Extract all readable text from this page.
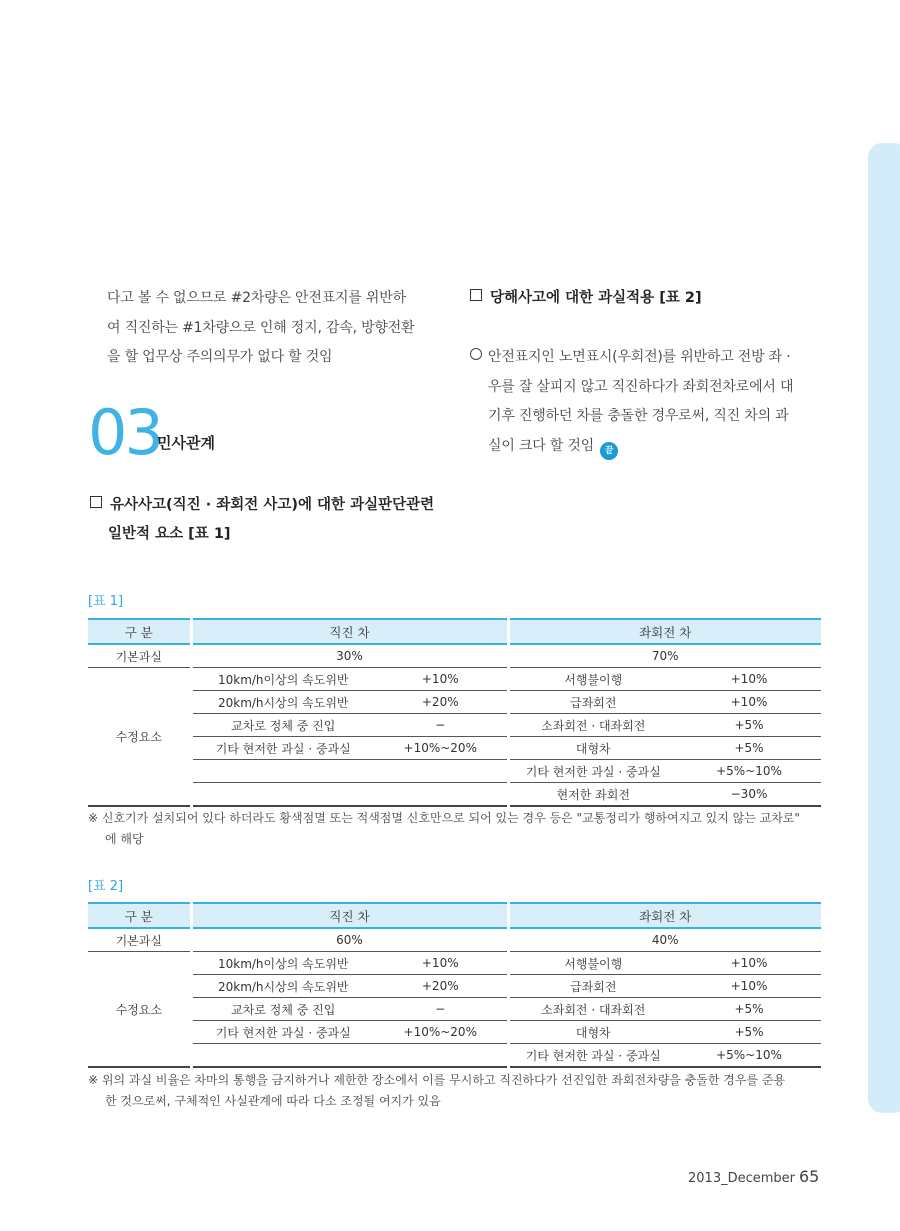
다고 볼 수 없으므로 #2차량은 안전표지를 위반하
여 직진하는 #1차량으로 인해 정지, 감속, 방향전환
을 할 업무상 주의의무가 없다 할 것임
03
민사관계
유사사고(직진 · 좌회전 사고)에 대한 과실판단관련
일반적 요소 [표 1]
당해사고에 대한 과실적용 [표 2]
안전표지인 노면표시(우회전)를 위반하고 전방 좌 ·
우를 잘 살피지 않고 직진하다가 좌회전차로에서 대
기후 진행하던 차를 충돌한 경우로써, 직진 차의 과
실이 크다 할 것임 끝
[표 1]
구 분	직진 차		좌회전 차	
기본과실	30%		70%	
수정요소	10km/h이상의 속도위반	+10%	서행불이행	+10%
	20km/h시상의 속도위반	+20%	급좌회전	+10%
	교차로 정체 중 진입	−	소좌회전 · 대좌회전	+5%
	기타 현저한 과실 · 중과실	+10%~20%	대형차	+5%
			기타 현저한 과실 · 중과실	+5%~10%
			현저한 좌회전	−30%
※ 신호기가 설치되어 있다 하더라도 황색점멸 또는 적색점멸 신호만으로 되어 있는 경우 등은 "교통정리가 행하여지고 있지 않는 교차로"
에 해당
[표 2]
구 분	직진 차		좌회전 차	
기본과실	60%		40%	
수정요소	10km/h이상의 속도위반	+10%	서행불이행	+10%
	20km/h시상의 속도위반	+20%	급좌회전	+10%
	교차로 정체 중 진입	−	소좌회전 · 대좌회전	+5%
	기타 현저한 과실 · 중과실	+10%~20%	대형차	+5%
			기타 현저한 과실 · 중과실	+5%~10%
※ 위의 과실 비율은 차마의 통행을 금지하거나 제한한 장소에서 이를 무시하고 직진하다가 선진입한 좌회전차량을 충돌한 경우를 준용
한 것으로써, 구체적인 사실관계에 따라 다소 조정될 여지가 있음
2013_December 65
